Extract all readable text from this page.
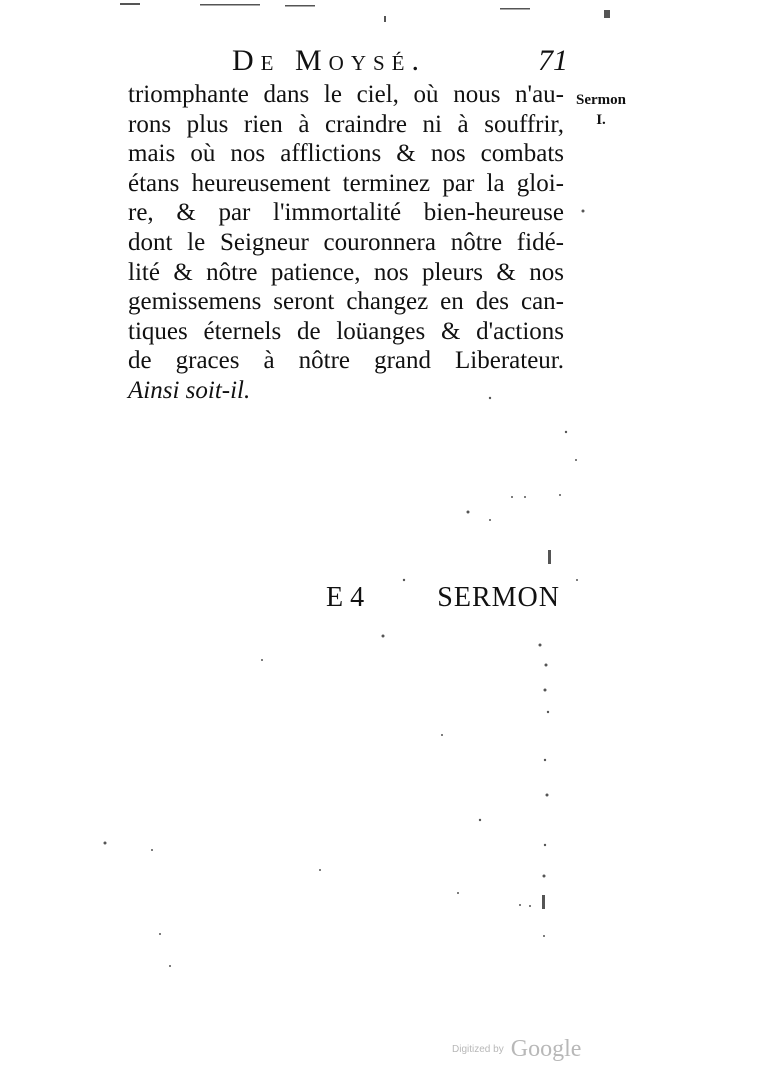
De Moysé.	71
Sermon
I.
triomphante dans le ciel, où nous n'au-
rons plus rien à craindre ni à souffrir,
mais où nos afflictions & nos combats
étans heureusement terminez par la gloi-
re, & par l'immortalité bien-heureuse
dont le Seigneur couronnera nôtre fidé-
lité & nôtre patience, nos pleurs & nos
gemissemens seront changez en des can-
tiques éternels de loüanges & d'actions
de graces à nôtre grand Liberateur.
Ainsi soit-il.
E 4	SERMON
Digitized by Google
